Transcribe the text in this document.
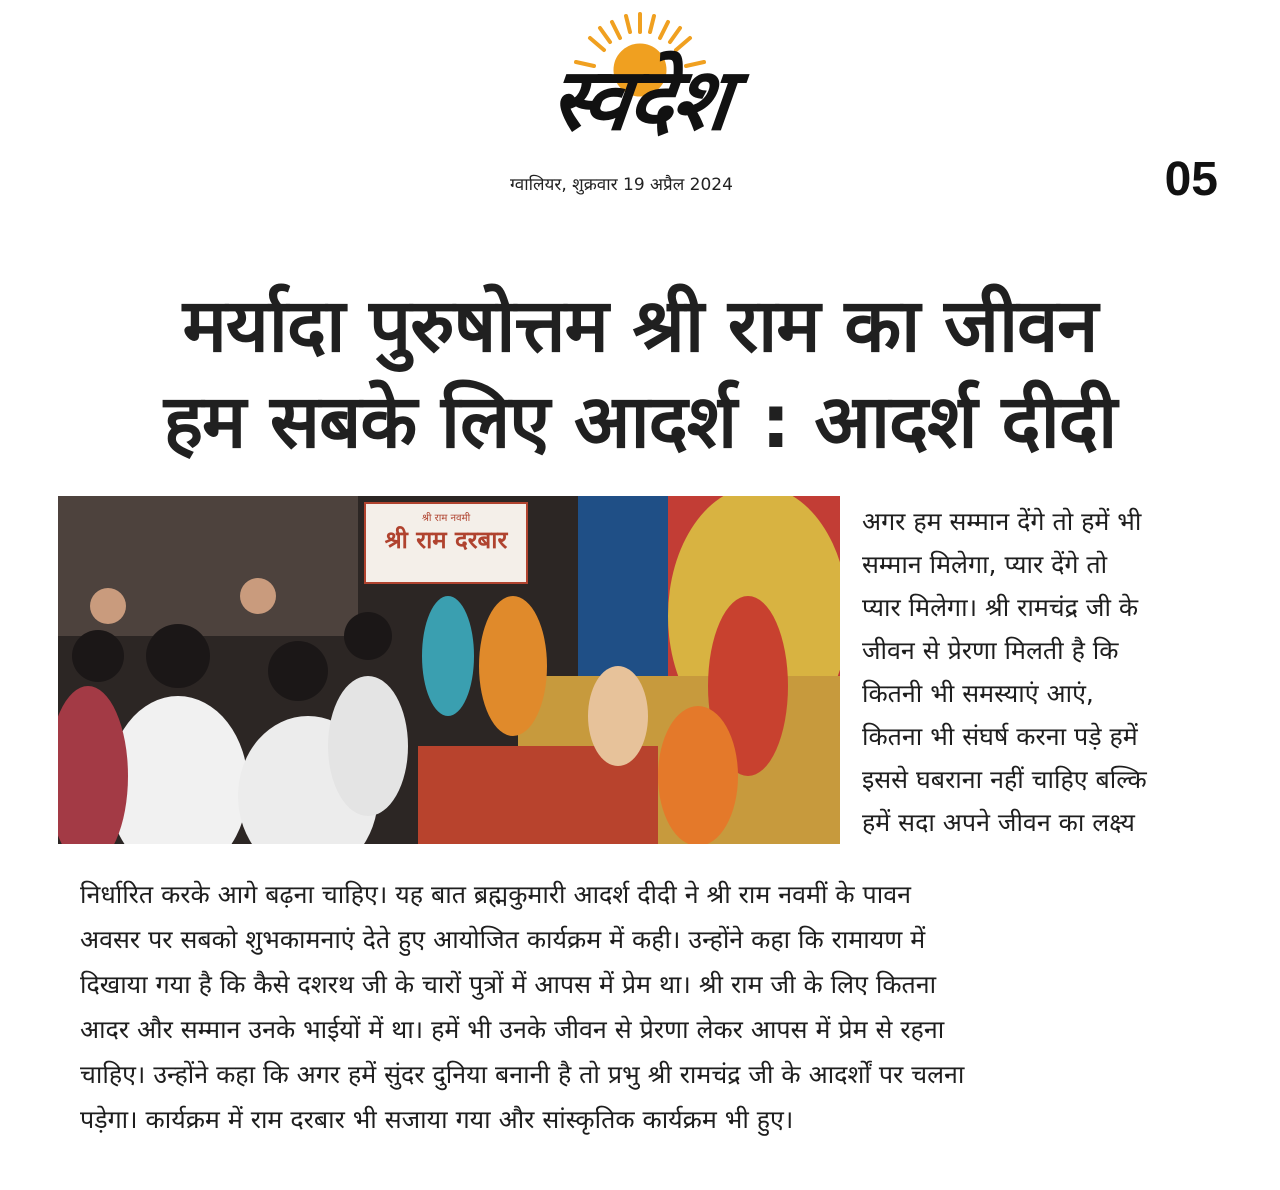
स्वदेश
ग्वालियर, शुक्रवार 19 अप्रैल 2024	05
मर्यादा पुरुषोत्तम श्री राम का जीवन
हम सबके लिए आदर्श : आदर्श दीदी
श्री राम नवमी
श्री राम दरबार
अगर हम सम्मान देंगे तो हमें भी
सम्मान मिलेगा, प्यार देंगे तो
प्यार मिलेगा। श्री रामचंद्र जी के
जीवन से प्रेरणा मिलती है कि
कितनी भी समस्याएं आएं,
कितना भी संघर्ष करना पड़े हमें
इससे घबराना नहीं चाहिए बल्कि
हमें सदा अपने जीवन का लक्ष्य
निर्धारित करके आगे बढ़ना चाहिए। यह बात ब्रह्मकुमारी आदर्श दीदी ने श्री राम नवमीं के पावन
अवसर पर सबको शुभकामनाएं देते हुए आयोजित कार्यक्रम में कही। उन्होंने कहा कि रामायण में
दिखाया गया है कि कैसे दशरथ जी के चारों पुत्रों में आपस में प्रेम था। श्री राम जी के लिए कितना
आदर और सम्मान उनके भाईयों में था। हमें भी उनके जीवन से प्रेरणा लेकर आपस में प्रेम से रहना
चाहिए। उन्होंने कहा कि अगर हमें सुंदर दुनिया बनानी है तो प्रभु श्री रामचंद्र जी के आदर्शों पर चलना
पड़ेगा। कार्यक्रम में राम दरबार भी सजाया गया और सांस्कृतिक कार्यक्रम भी हुए।
